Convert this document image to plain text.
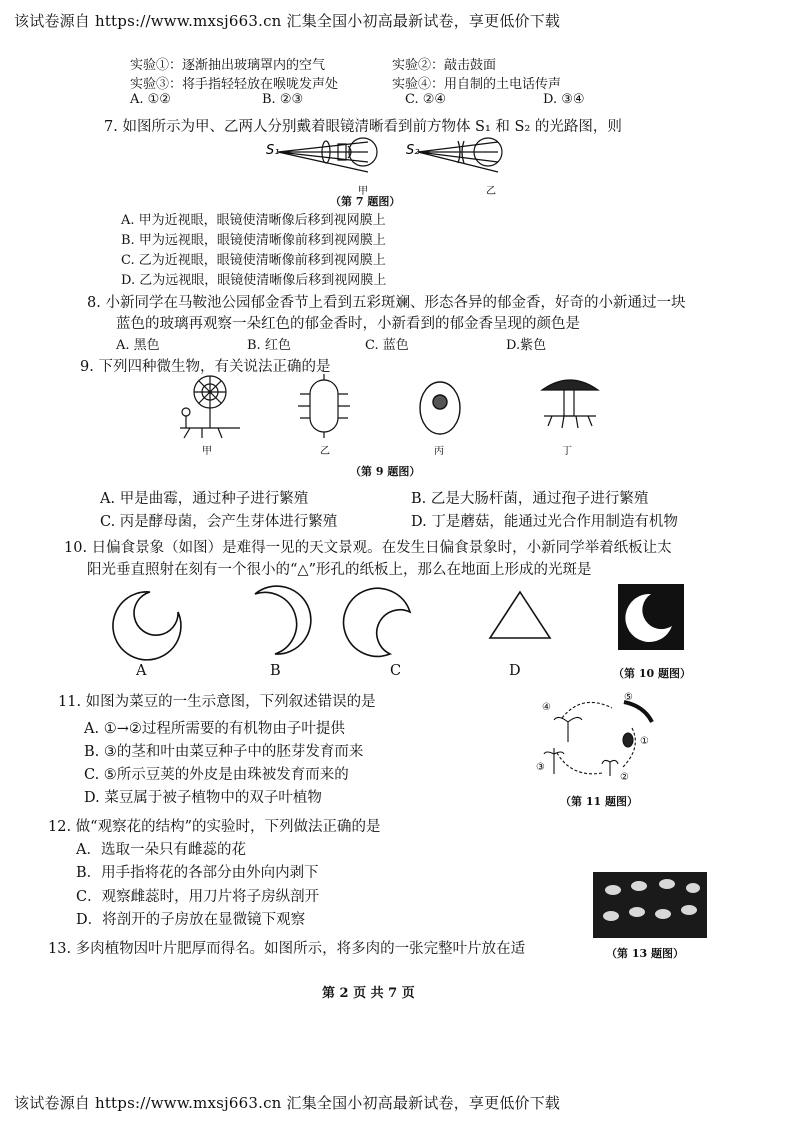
该试卷源自 https://www.mxsj663.cn 汇集全国小初高最新试卷，享更低价下载
实验①：逐渐抽出玻璃罩内的空气	实验②：敲击鼓面
实验③：将手指轻轻放在喉咙发声处	实验④：用自制的土电话传声
A. ①②	B. ②③	C. ②④	D. ③④
7. 如图所示为甲、乙两人分别戴着眼镜清晰看到前方物体 S₁ 和 S₂ 的光路图，则
S₁	S₂
甲	乙
（第 7 题图）
A. 甲为近视眼，眼镜使清晰像后移到视网膜上
B. 甲为远视眼，眼镜使清晰像前移到视网膜上
C. 乙为近视眼，眼镜使清晰像前移到视网膜上
D. 乙为远视眼，眼镜使清晰像后移到视网膜上
8. 小新同学在马鞍池公园郁金香节上看到五彩斑斓、形态各异的郁金香，好奇的小新通过一块
蓝色的玻璃再观察一朵红色的郁金香时，小新看到的郁金香呈现的颜色是
A. 黑色	B. 红色	C. 蓝色	D.紫色
9. 下列四种微生物，有关说法正确的是
甲	乙	丙	丁
（第 9 题图）
A. 甲是曲霉，通过种子进行繁殖	B. 乙是大肠杆菌，通过孢子进行繁殖
C. 丙是酵母菌，会产生芽体进行繁殖	D. 丁是蘑菇，能通过光合作用制造有机物
10. 日偏食景象（如图）是难得一见的天文景观。在发生日偏食景象时，小新同学举着纸板让太
阳光垂直照射在刻有一个很小的“△”形孔的纸板上，那么在地面上形成的光斑是
A	B	C	D	（第 10 题图）
11. 如图为菜豆的一生示意图，下列叙述错误的是
A. ①→②过程所需要的有机物由子叶提供
B. ③的茎和叶由菜豆种子中的胚芽发育而来
C. ⑤所示豆荚的外皮是由珠被发育而来的
D. 菜豆属于被子植物中的双子叶植物
④
⑤
①
②
③
（第 11 题图）
12. 做“观察花的结构”的实验时，下列做法正确的是
A．选取一朵只有雌蕊的花
B．用手指将花的各部分由外向内剥下
C．观察雌蕊时，用刀片将子房纵剖开
D．将剖开的子房放在显微镜下观察
13. 多肉植物因叶片肥厚而得名。如图所示，将多肉的一张完整叶片放在适	（第 13 题图）
第 2 页 共 7 页
该试卷源自 https://www.mxsj663.cn 汇集全国小初高最新试卷，享更低价下载
